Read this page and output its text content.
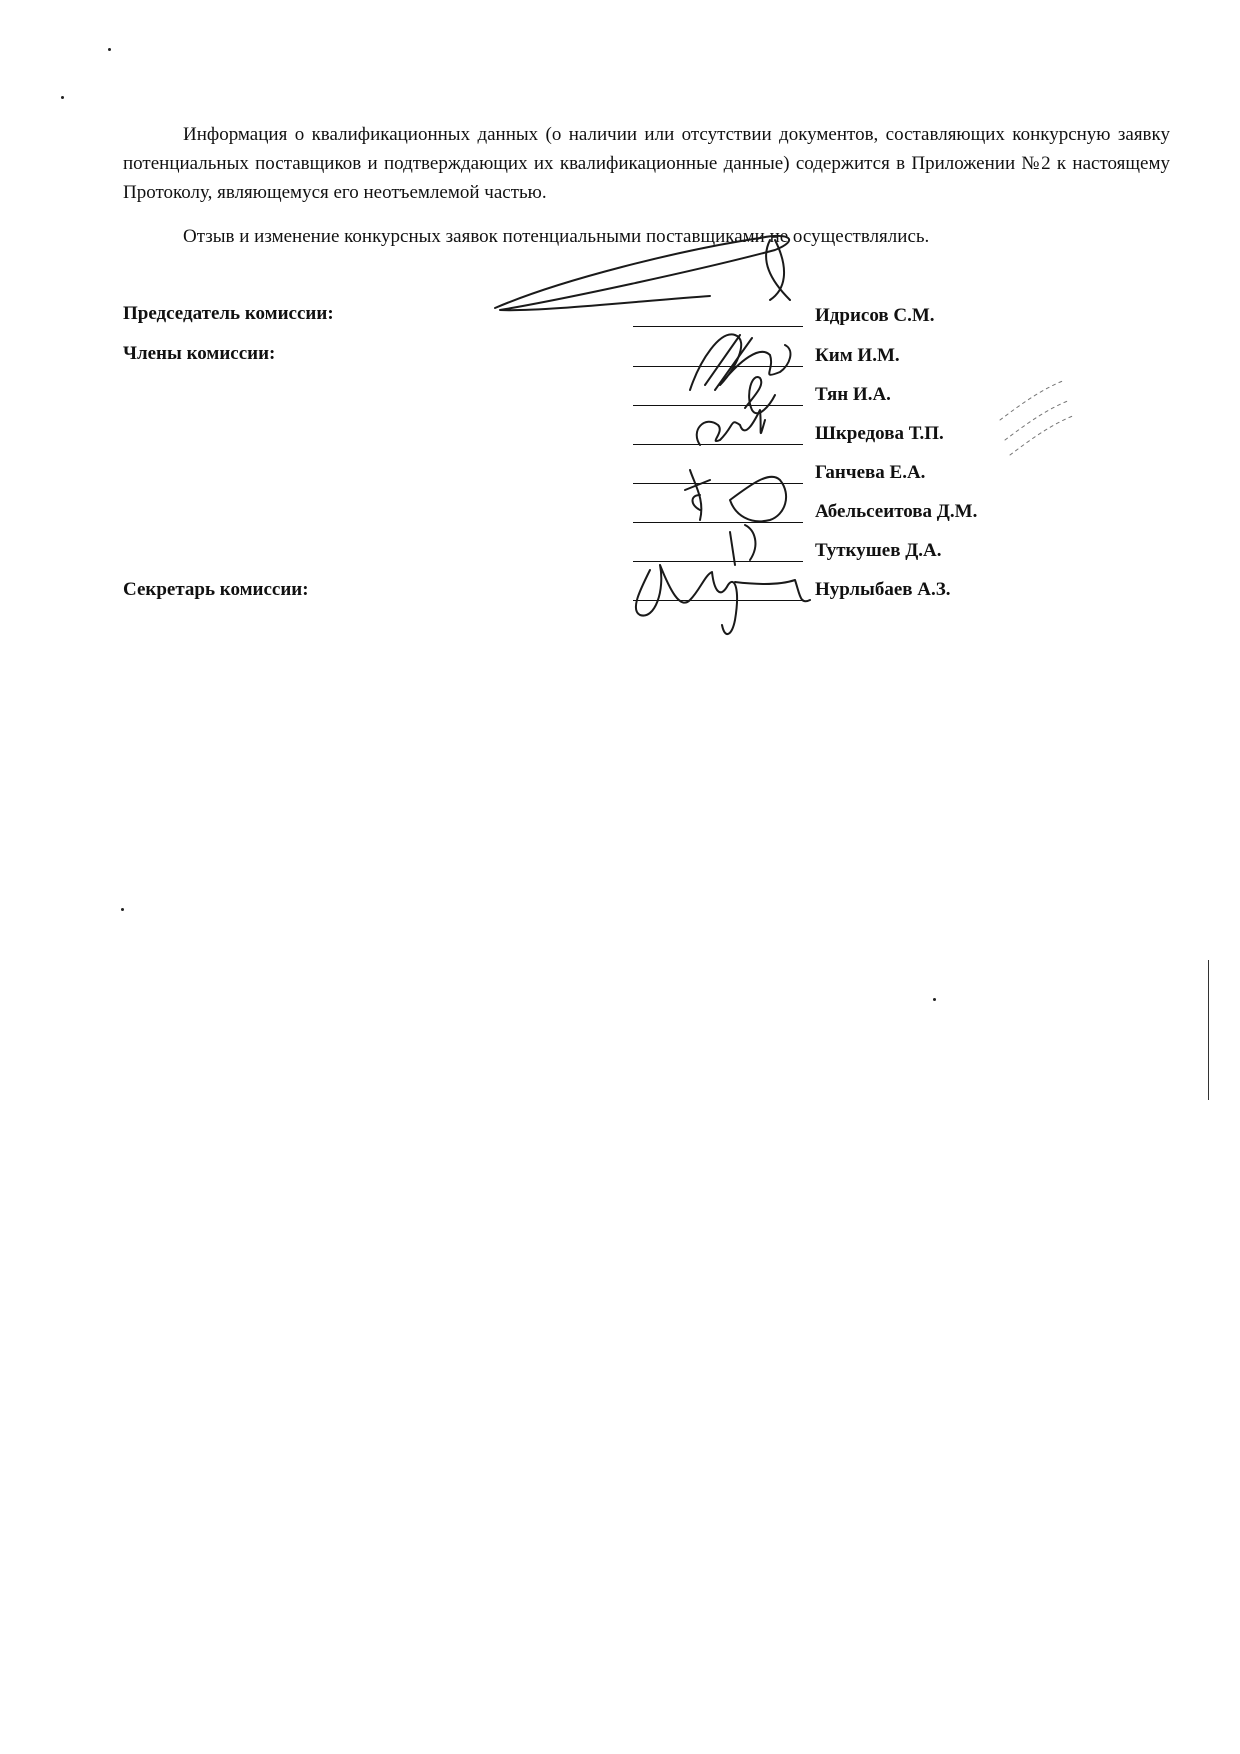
Информация о квалификационных данных (о наличии или отсутствии документов, составляющих конкурсную заявку потенциальных поставщиков и подтверждающих их квалификационные данные) содержится в Приложении №2 к настоящему Протоколу, являющемуся его неотъемлемой частью.

Отзыв и изменение конкурсных заявок потенциальными поставщиками не осуществлялись.

Председатель комиссии:
Члены комиссии:
Секретарь комиссии:
Идрисов С.М.
Ким И.М.
Тян И.А.
Шкредова Т.П.
Ганчева Е.А.
Абельсеитова Д.М.
Туткушев Д.А.
Нурлыбаев А.З.
